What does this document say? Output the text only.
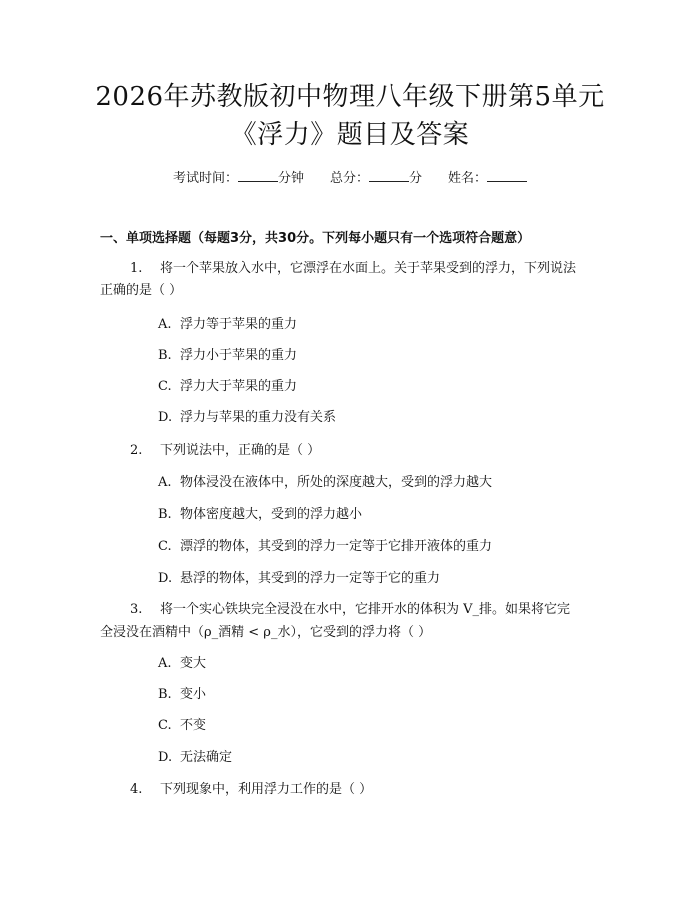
2026年苏教版初中物理八年级下册第5单元
《浮力》题目及答案
考试时间：	分钟 总分：	分 姓名：
一、单项选择题（每题3分，共30分。下列每小题只有一个选项符合题意）
1. 将一个苹果放入水中，它漂浮在水面上。关于苹果受到的浮力，下列说法
正确的是（ ）
A. 浮力等于苹果的重力
B. 浮力小于苹果的重力
C. 浮力大于苹果的重力
D. 浮力与苹果的重力没有关系
2. 下列说法中，正确的是（ ）
A. 物体浸没在液体中，所处的深度越大，受到的浮力越大
B. 物体密度越大，受到的浮力越小
C. 漂浮的物体，其受到的浮力一定等于它排开液体的重力
D. 悬浮的物体，其受到的浮力一定等于它的重力
3. 将一个实心铁块完全浸没在水中，它排开水的体积为 V_排。如果将它完
全浸没在酒精中（ρ_酒精 < ρ_水），它受到的浮力将（ ）
A. 变大
B. 变小
C. 不变
D. 无法确定
4. 下列现象中，利用浮力工作的是（ ）
